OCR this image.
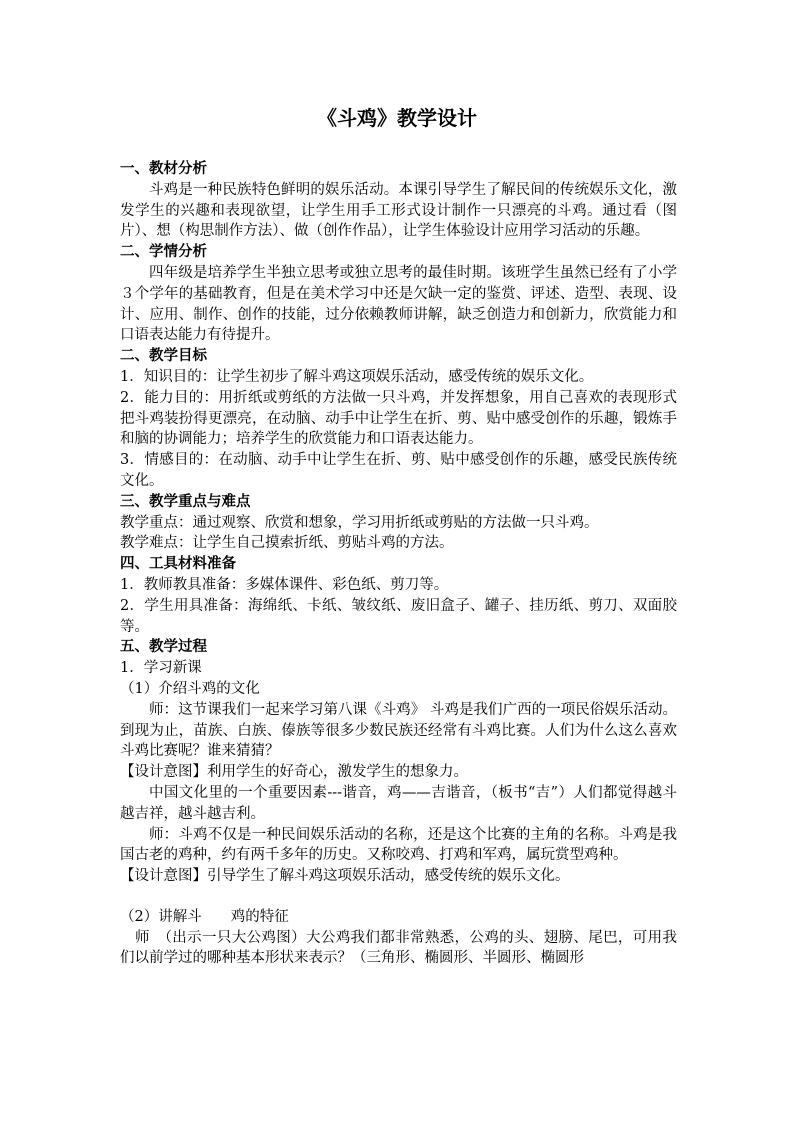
《斗鸡》教学设计
一、教材分析
斗鸡是一种民族特色鲜明的娱乐活动。本课引导学生了解民间的传统娱乐文化，激发学生的兴趣和表现欲望，让学生用手工形式设计制作一只漂亮的斗鸡。通过看（图片）、想（构思制作方法）、做（创作作品），让学生体验设计应用学习活动的乐趣。
二、学情分析
四年级是培养学生半独立思考或独立思考的最佳时期。该班学生虽然已经有了小学３个学年的基础教育，但是在美术学习中还是欠缺一定的鉴赏、评述、造型、表现、设计、应用、制作、创作的技能，过分依赖教师讲解，缺乏创造力和创新力，欣赏能力和口语表达能力有待提升。
二、教学目标
1．知识目的：让学生初步了解斗鸡这项娱乐活动，感受传统的娱乐文化。
2．能力目的：用折纸或剪纸的方法做一只斗鸡，并发挥想象，用自己喜欢的表现形式把斗鸡装扮得更漂亮，在动脑、动手中让学生在折、剪、贴中感受创作的乐趣，锻炼手和脑的协调能力；培养学生的欣赏能力和口语表达能力。
3．情感目的：在动脑、动手中让学生在折、剪、贴中感受创作的乐趣，感受民族传统文化。
三、教学重点与难点
教学重点：通过观察、欣赏和想象，学习用折纸或剪贴的方法做一只斗鸡。
教学难点：让学生自己摸索折纸、剪贴斗鸡的方法。
四、工具材料准备
1．教师教具准备：多媒体课件、彩色纸、剪刀等。
2．学生用具准备：海绵纸、卡纸、皱纹纸、废旧盒子、罐子、挂历纸、剪刀、双面胶等。
五、教学过程
1．学习新课
（1）介绍斗鸡的文化
师：这节课我们一起来学习第八课《斗鸡》 斗鸡是我们广西的一项民俗娱乐活动。到现为止，苗族、白族、傣族等很多少数民族还经常有斗鸡比赛。人们为什么这么喜欢斗鸡比赛呢？谁来猜猜？
【设计意图】利用学生的好奇心，激发学生的想象力。
中国文化里的一个重要因素---谐音，鸡——吉谐音，（板书“吉”）人们都觉得越斗越吉祥，越斗越吉利。
师：斗鸡不仅是一种民间娱乐活动的名称，还是这个比赛的主角的名称。斗鸡是我国古老的鸡种，约有两千多年的历史。又称咬鸡、打鸡和军鸡，属玩赏型鸡种。
【设计意图】引导学生了解斗鸡这项娱乐活动，感受传统的娱乐文化。
（2）讲解斗　　鸡的特征
师　（出示一只大公鸡图）大公鸡我们都非常熟悉，公鸡的头、翅膀、尾巴，可用我们以前学过的哪种基本形状来表示？（三角形、椭圆形、半圆形、椭圆形
